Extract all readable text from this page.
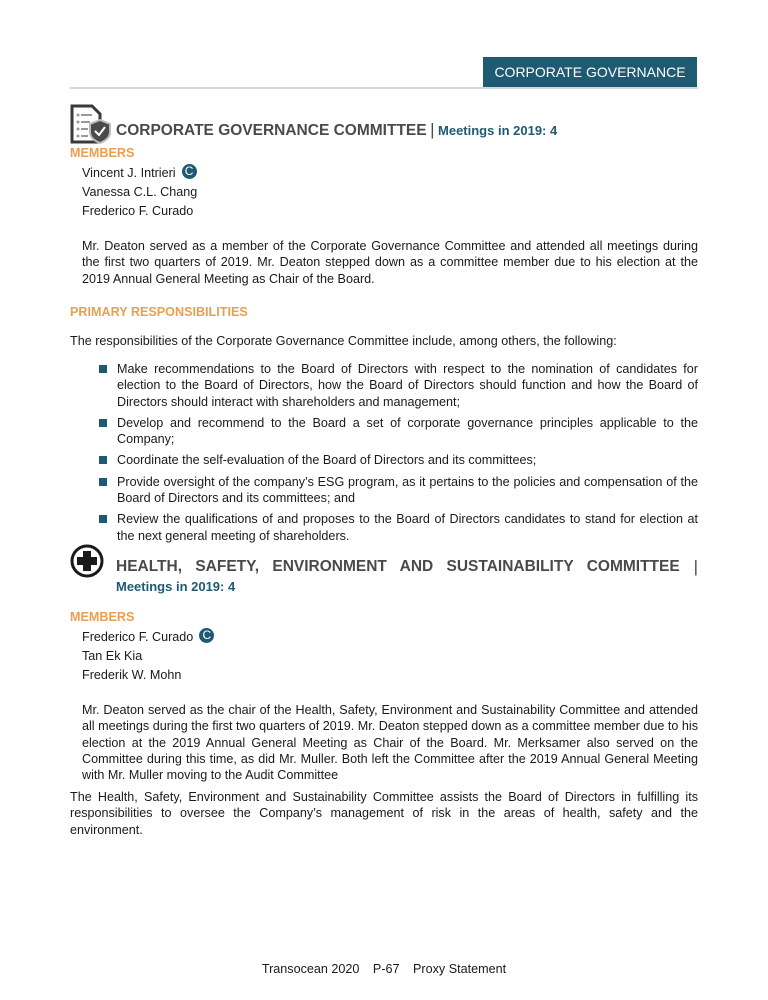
CORPORATE GOVERNANCE
CORPORATE GOVERNANCE COMMITTEE | Meetings in 2019: 4
MEMBERS
Vincent J. Intrieri C
Vanessa C.L. Chang
Frederico F. Curado
Mr. Deaton served as a member of the Corporate Governance Committee and attended all meetings during the first two quarters of 2019. Mr. Deaton stepped down as a committee member due to his election at the 2019 Annual General Meeting as Chair of the Board.
PRIMARY RESPONSIBILITIES
The responsibilities of the Corporate Governance Committee include, among others, the following:
Make recommendations to the Board of Directors with respect to the nomination of candidates for election to the Board of Directors, how the Board of Directors should function and how the Board of Directors should interact with shareholders and management;
Develop and recommend to the Board a set of corporate governance principles applicable to the Company;
Coordinate the self-evaluation of the Board of Directors and its committees;
Provide oversight of the company’s ESG program, as it pertains to the policies and compensation of the Board of Directors and its committees; and
Review the qualifications of and proposes to the Board of Directors candidates to stand for election at the next general meeting of shareholders.
HEALTH, SAFETY, ENVIRONMENT AND SUSTAINABILITY COMMITTEE |
Meetings in 2019: 4
MEMBERS
Frederico F. Curado C
Tan Ek Kia
Frederik W. Mohn
Mr. Deaton served as the chair of the Health, Safety, Environment and Sustainability Committee and attended all meetings during the first two quarters of 2019. Mr. Deaton stepped down as a committee member due to his election at the 2019 Annual General Meeting as Chair of the Board. Mr. Merksamer also served on the Committee during this time, as did Mr. Muller. Both left the Committee after the 2019 Annual General Meeting with Mr. Muller moving to the Audit Committee
The Health, Safety, Environment and Sustainability Committee assists the Board of Directors in fulfilling its responsibilities to oversee the Company’s management of risk in the areas of health, safety and the environment.
Transocean 2020 P-67 Proxy Statement
